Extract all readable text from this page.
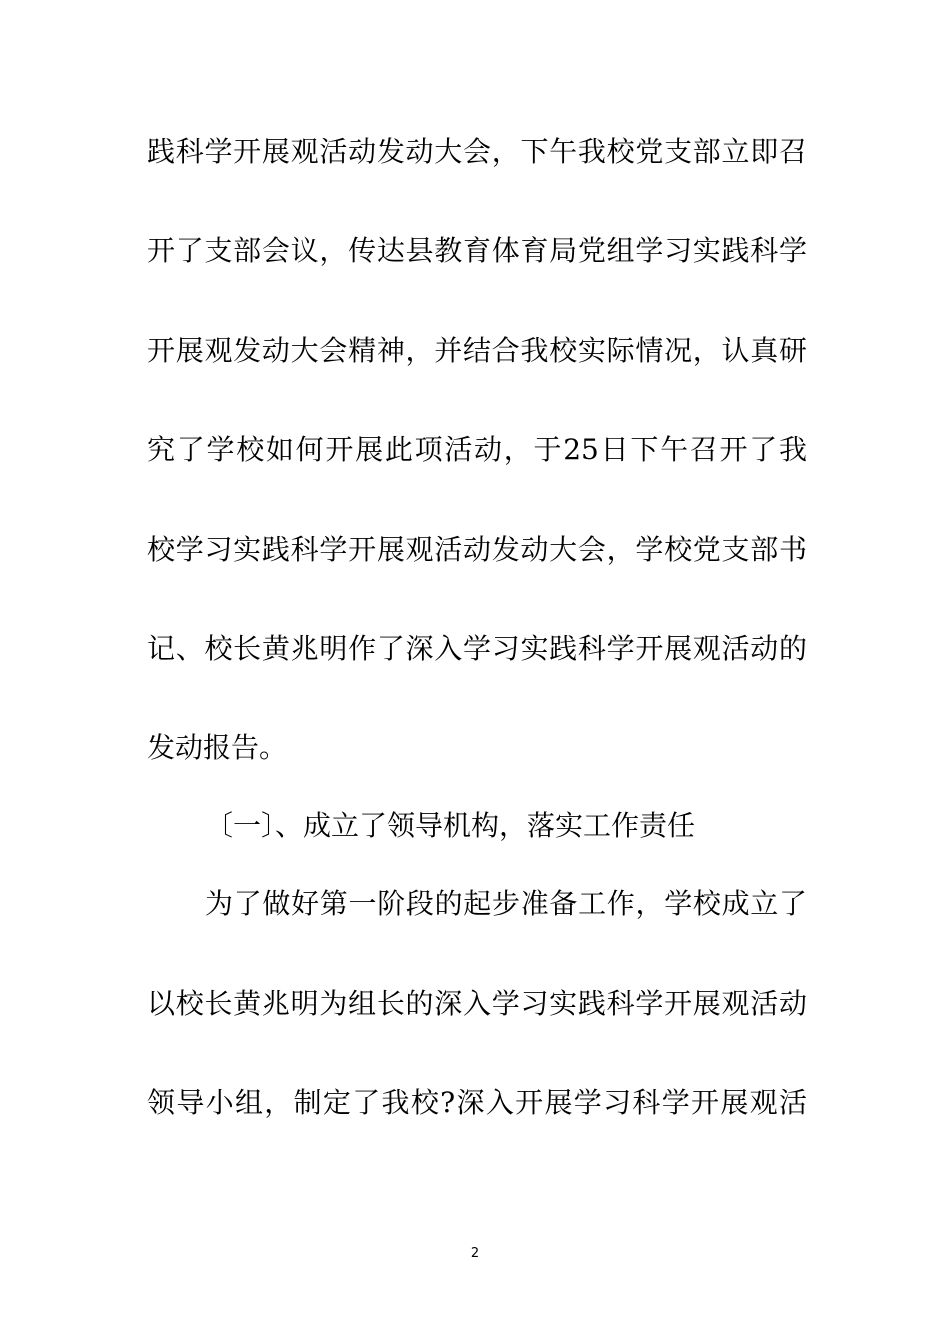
践科学开展观活动发动大会，下午我校党支部立即召
开了支部会议，传达县教育体育局党组学习实践科学
开展观发动大会精神，并结合我校实际情况，认真研
究了学校如何开展此项活动，于25日下午召开了我
校学习实践科学开展观活动发动大会，学校党支部书
记、校长黄兆明作了深入学习实践科学开展观活动的
发动报告。
〔一〕、成立了领导机构，落实工作责任
为了做好第一阶段的起步准备工作，学校成立了
以校长黄兆明为组长的深入学习实践科学开展观活动
领导小组，制定了我校?深入开展学习科学开展观活
2
